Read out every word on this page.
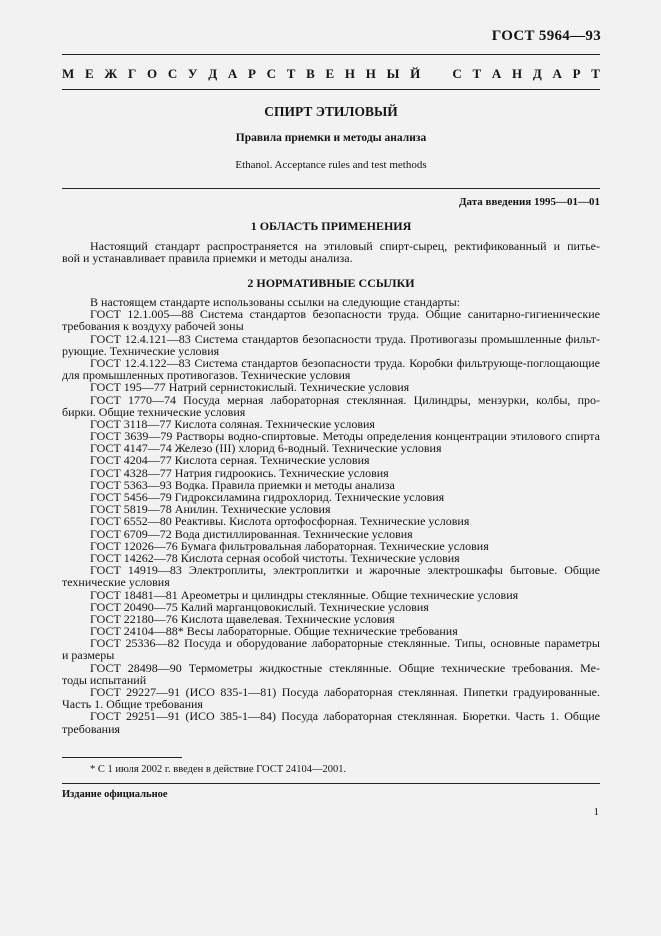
ГОСТ 5964—93
М Е Ж Г О С У Д А Р С Т В Е Н Н Ы Й С Т А Н Д А Р Т
СПИРТ ЭТИЛОВЫЙ
Правила приемки и методы анализа
Ethanol. Acceptance rules and test methods
Дата введения 1995—01—01
1 ОБЛАСТЬ ПРИМЕНЕНИЯ
Настоящий стандарт распространяется на этиловый спирт-сырец, ректификованный и питье-
вой и устанавливает правила приемки и методы анализа.
2 НОРМАТИВНЫЕ ССЫЛКИ
В настоящем стандарте использованы ссылки на следующие стандарты:
ГОСТ 12.1.005—88 Система стандартов безопасности труда. Общие санитарно-гигиенические
требования к воздуху рабочей зоны
ГОСТ 12.4.121—83 Система стандартов безопасности труда. Противогазы промышленные фильт-
рующие. Технические условия
ГОСТ 12.4.122—83 Система стандартов безопасности труда. Коробки фильтрующе-поглощающие
для промышленных противогазов. Технические условия
ГОСТ 195—77 Натрий сернистокислый. Технические условия
ГОСТ 1770—74 Посуда мерная лабораторная стеклянная. Цилиндры, мензурки, колбы, про-
бирки. Общие технические условия
ГОСТ 3118—77 Кислота соляная. Технические условия
ГОСТ 3639—79 Растворы водно-спиртовые. Методы определения концентрации этилового спирта
ГОСТ 4147—74 Железо (III) хлорид 6-водный. Технические условия
ГОСТ 4204—77 Кислота серная. Технические условия
ГОСТ 4328—77 Натрия гидроокись. Технические условия
ГОСТ 5363—93 Водка. Правила приемки и методы анализа
ГОСТ 5456—79 Гидроксиламина гидрохлорид. Технические условия
ГОСТ 5819—78 Анилин. Технические условия
ГОСТ 6552—80 Реактивы. Кислота ортофосфорная. Технические условия
ГОСТ 6709—72 Вода дистиллированная. Технические условия
ГОСТ 12026—76 Бумага фильтровальная лабораторная. Технические условия
ГОСТ 14262—78 Кислота серная особой чистоты. Технические условия
ГОСТ 14919—83 Электроплиты, электроплитки и жарочные электрошкафы бытовые. Общие
технические условия
ГОСТ 18481—81 Ареометры и цилиндры стеклянные. Общие технические условия
ГОСТ 20490—75 Калий марганцовокислый. Технические условия
ГОСТ 22180—76 Кислота щавелевая. Технические условия
ГОСТ 24104—88* Весы лабораторные. Общие технические требования
ГОСТ 25336—82 Посуда и оборудование лабораторные стеклянные. Типы, основные параметры
и размеры
ГОСТ 28498—90 Термометры жидкостные стеклянные. Общие технические требования. Ме-
тоды испытаний
ГОСТ 29227—91 (ИСО 835-1—81) Посуда лабораторная стеклянная. Пипетки градуированные.
Часть 1. Общие требования
ГОСТ 29251—91 (ИСО 385-1—84) Посуда лабораторная стеклянная. Бюретки. Часть 1. Общие
требования
* С 1 июля 2002 г. введен в действие ГОСТ 24104—2001.
Издание официальное
1
